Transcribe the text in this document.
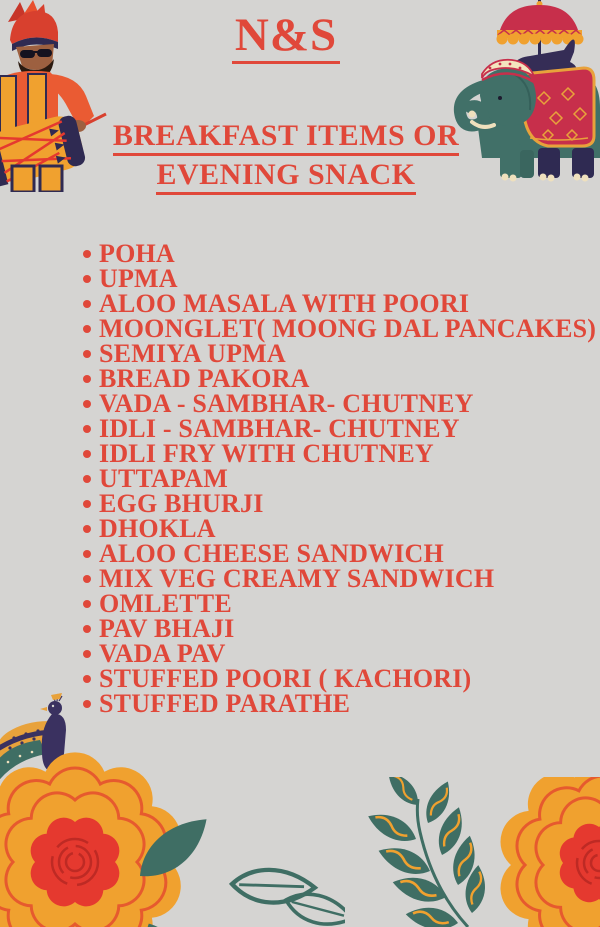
N&S
BREAKFAST ITEMS OR
EVENING SNACK
POHA
UPMA
ALOO MASALA WITH POORI
MOONGLET( MOONG DAL PANCAKES)
SEMIYA UPMA
BREAD PAKORA
VADA - SAMBHAR- CHUTNEY
IDLI - SAMBHAR- CHUTNEY
IDLI FRY WITH CHUTNEY
UTTAPAM
EGG BHURJI
DHOKLA
ALOO CHEESE SANDWICH
MIX VEG CREAMY SANDWICH
OMLETTE
PAV BHAJI
VADA PAV
STUFFED POORI ( KACHORI)
STUFFED PARATHE
